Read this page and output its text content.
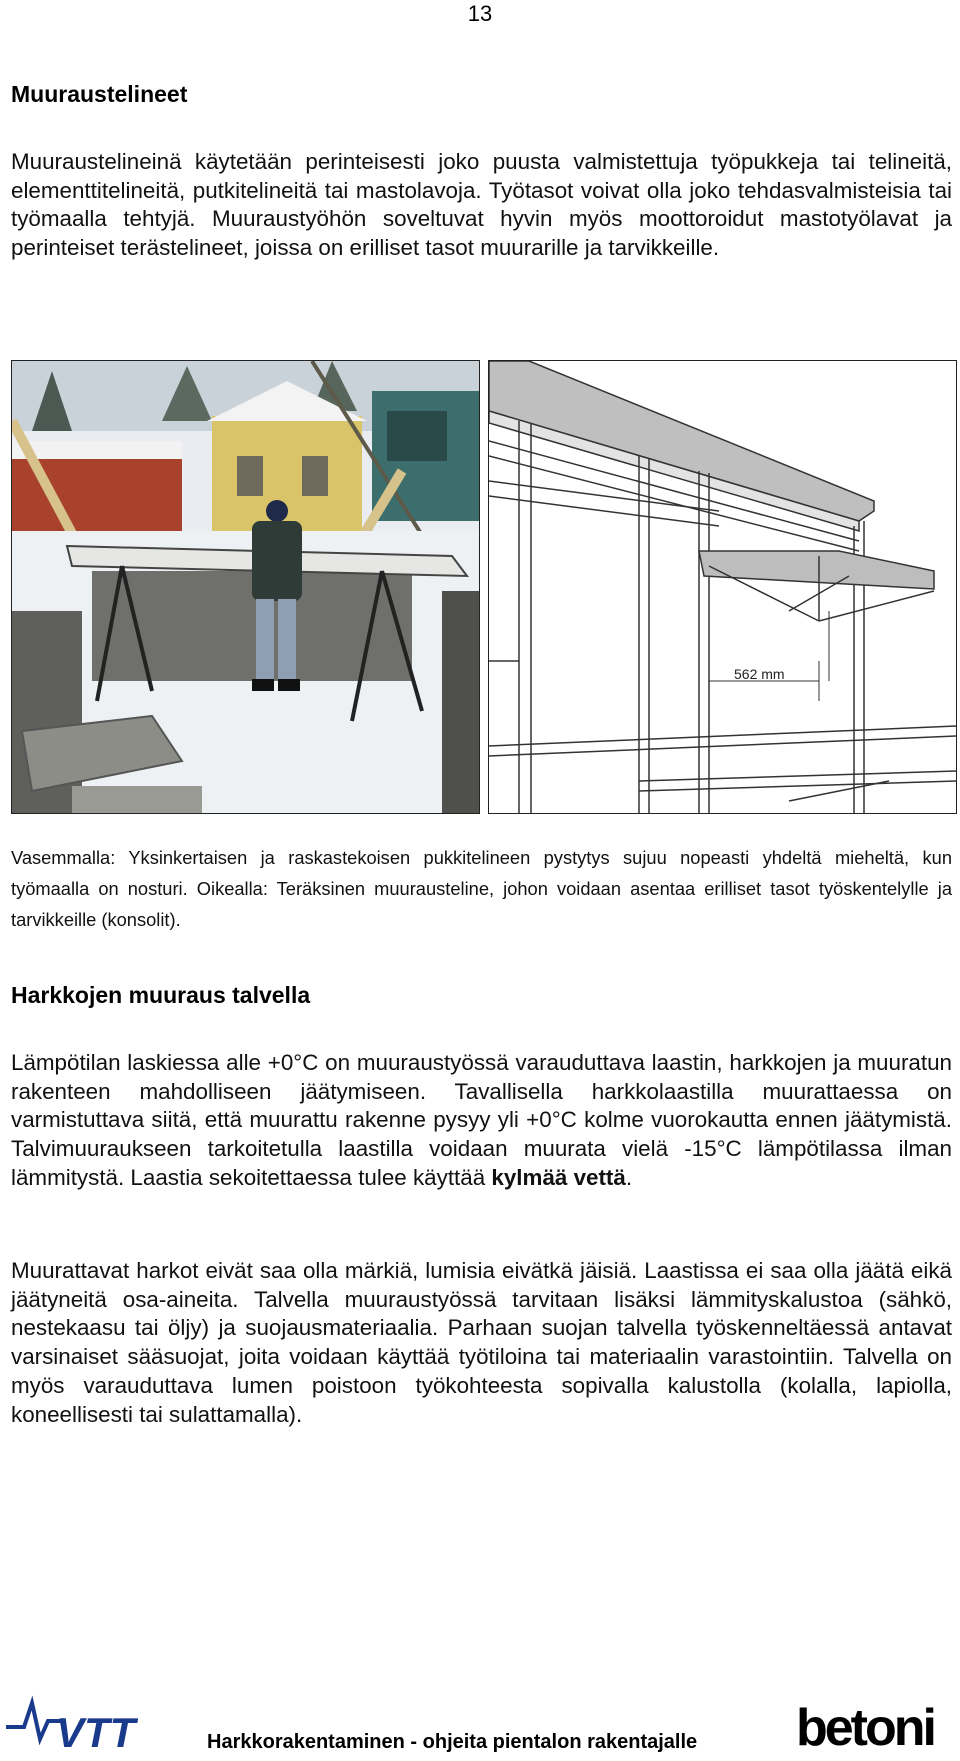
13
Muuraustelineet

Muuraustelineinä käytetään perinteisesti joko puusta valmistettuja työpukkeja tai telineitä, elementtitelineitä, putkitelineitä tai mastolavoja. Työtasot voivat olla joko tehdasvalmisteisia tai työmaalla tehtyjä. Muuraustyöhön soveltuvat hyvin myös moottoroidut mastotyölavat ja perinteiset terästelineet, joissa on erilliset tasot muurarille ja tarvikkeille.

562 mm

Vasemmalla: Yksinkertaisen ja raskastekoisen pukkitelineen pystytys sujuu nopeasti yhdeltä mieheltä, kun työmaalla on nosturi. Oikealla: Teräksinen muurausteline, johon voidaan asentaa erilliset tasot työskentelylle ja tarvikkeille (konsolit).

Harkkojen muuraus talvella

Lämpötilan laskiessa alle +0°C on muuraustyössä varauduttava laastin, harkkojen ja muuratun rakenteen mahdolliseen jäätymiseen. Tavallisella harkkolaastilla muurattaessa on varmistuttava siitä, että muurattu rakenne pysyy yli +0°C kolme vuorokautta ennen jäätymistä. Talvimuuraukseen tarkoitetulla laastilla voidaan muurata vielä -15°C lämpötilassa ilman lämmitystä. Laastia sekoitettaessa tulee käyttää kylmää vettä.

Muurattavat harkot eivät saa olla märkiä, lumisia eivätkä jäisiä. Laastissa ei saa olla jäätä eikä jäätyneitä osa-aineita. Talvella muuraustyössä tarvitaan lisäksi lämmityskalustoa (sähkö, nestekaasu tai öljy) ja suojausmateriaalia. Parhaan suojan talvella työskenneltäessä antavat varsinaiset sääsuojat, joita voidaan käyttää työtiloina tai materiaalin varastointiin. Talvella on myös varauduttava lumen poistoon työkohteesta sopivalla kalustolla (kolalla, lapiolla, koneellisesti tai sulattamalla).

VTT	Harkkorakentaminen - ohjeita pientalon rakentajalle betoni
